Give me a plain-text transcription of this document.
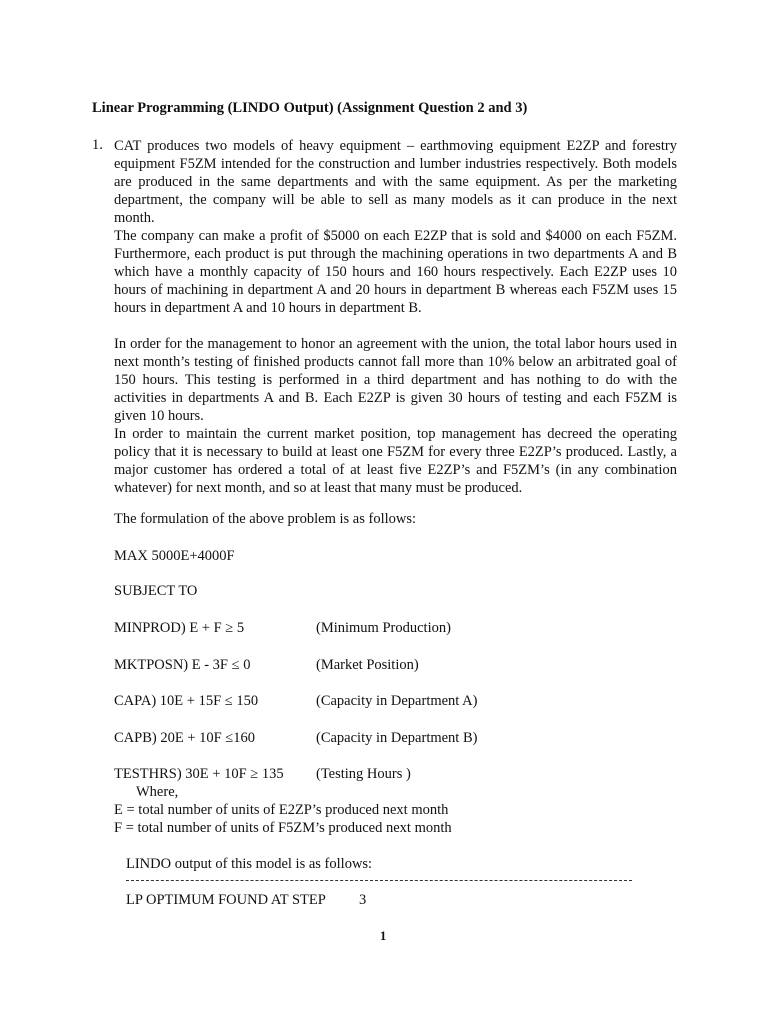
Linear Programming (LINDO Output) (Assignment Question 2 and 3)
1. CAT produces two models of heavy equipment – earthmoving equipment E2ZP and forestry equipment F5ZM intended for the construction and lumber industries respectively. Both models are produced in the same departments and with the same equipment. As per the marketing department, the company will be able to sell as many models as it can produce in the next month.
The company can make a profit of $5000 on each E2ZP that is sold and $4000 on each F5ZM. Furthermore, each product is put through the machining operations in two departments A and B which have a monthly capacity of 150 hours and 160 hours respectively. Each E2ZP uses 10 hours of machining in department A and 20 hours in department B whereas each F5ZM uses 15 hours in department A and 10 hours in department B.
In order for the management to honor an agreement with the union, the total labor hours used in next month’s testing of finished products cannot fall more than 10% below an arbitrated goal of 150 hours. This testing is performed in a third department and has nothing to do with the activities in departments A and B. Each E2ZP is given 30 hours of testing and each F5ZM is given 10 hours.
In order to maintain the current market position, top management has decreed the operating policy that it is necessary to build at least one F5ZM for every three E2ZP’s produced. Lastly, a major customer has ordered a total of at least five E2ZP’s and F5ZM’s (in any combination whatever) for next month, and so at least that many must be produced.
The formulation of the above problem is as follows:
MAX 5000E+4000F
SUBJECT TO
MINPROD) E + F ≥ 5	(Minimum Production)
MKTPOSN) E - 3F ≤ 0	(Market Position)
CAPA) 10E + 15F ≤ 150	(Capacity in Department A)
CAPB) 20E + 10F ≤160	(Capacity in Department B)
TESTHRS) 30E + 10F ≥ 135 (Testing Hours )
Where,
E = total number of units of E2ZP’s produced next month
F = total number of units of F5ZM’s produced next month
LINDO output of this model is as follows:
LP OPTIMUM FOUND AT STEP 3
1
